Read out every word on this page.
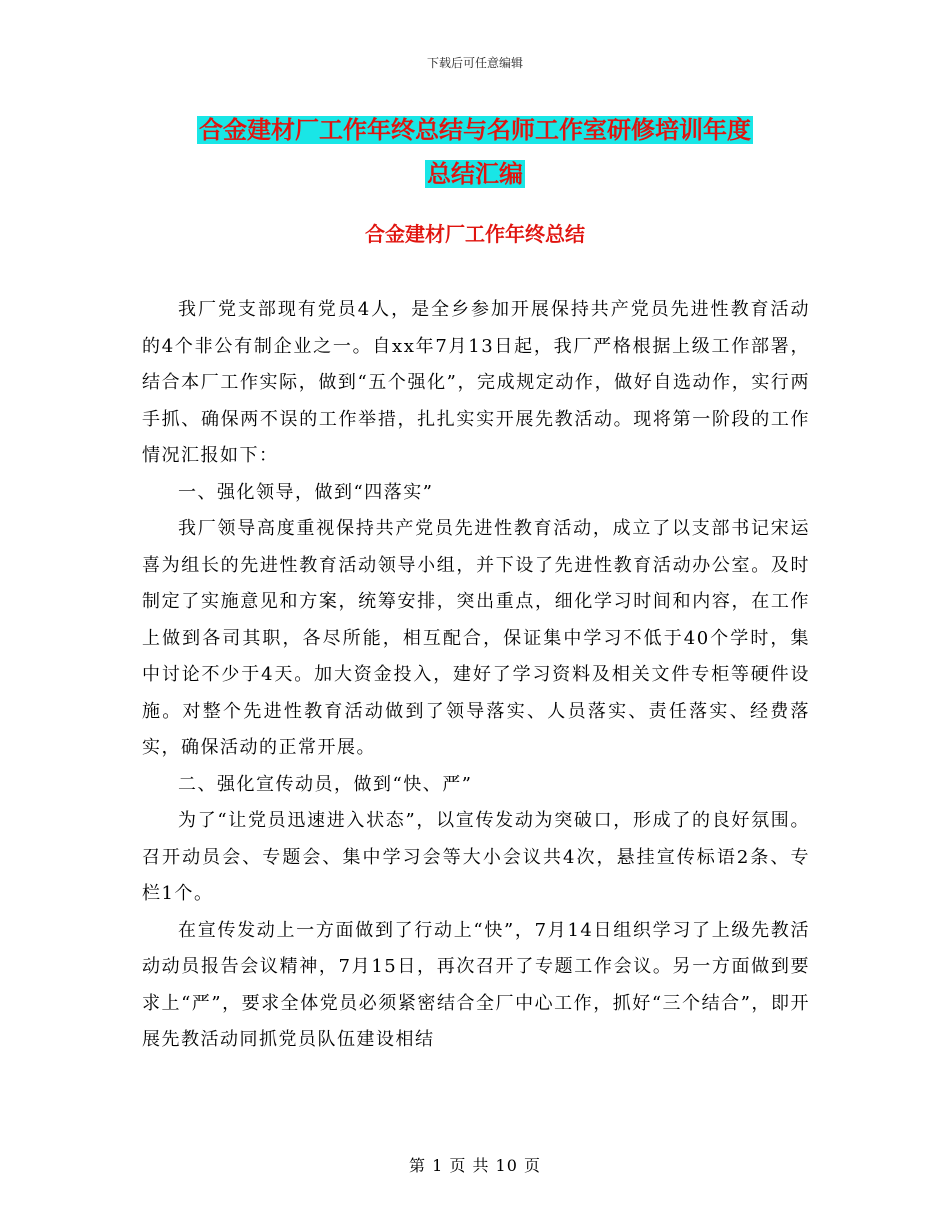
下载后可任意编辑
合金建材厂工作年终总结与名师工作室研修培训年度
总结汇编
合金建材厂工作年终总结

我厂党支部现有党员4人，是全乡参加开展保持共产党员先进性教育活动的4个非公有制企业之一。自xx年7月13日起，我厂严格根据上级工作部署，结合本厂工作实际，做到“五个强化”，完成规定动作，做好自选动作，实行两手抓、确保两不误的工作举措，扎扎实实开展先教活动。现将第一阶段的工作情况汇报如下：

一、强化领导，做到“四落实”

我厂领导高度重视保持共产党员先进性教育活动，成立了以支部书记宋运喜为组长的先进性教育活动领导小组，并下设了先进性教育活动办公室。及时制定了实施意见和方案，统筹安排，突出重点，细化学习时间和内容，在工作上做到各司其职，各尽所能，相互配合，保证集中学习不低于40个学时，集中讨论不少于4天。加大资金投入，建好了学习资料及相关文件专柜等硬件设施。对整个先进性教育活动做到了领导落实、人员落实、责任落实、经费落实，确保活动的正常开展。

二、强化宣传动员，做到“快、严”

为了“让党员迅速进入状态”，以宣传发动为突破口，形成了的良好氛围。召开动员会、专题会、集中学习会等大小会议共4次，悬挂宣传标语2条、专栏1个。

在宣传发动上一方面做到了行动上“快”，7月14日组织学习了上级先教活动动员报告会议精神，7月15日，再次召开了专题工作会议。另一方面做到要求上“严”，要求全体党员必须紧密结合全厂中心工作，抓好“三个结合”，即开展先教活动同抓党员队伍建设相结

第 1 页 共 10 页
